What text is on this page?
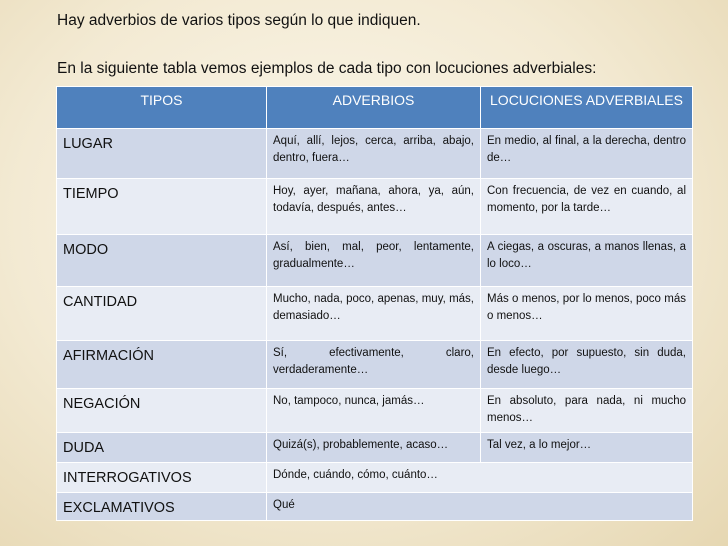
Hay adverbios de varios tipos según lo que indiquen.
En la siguiente tabla vemos ejemplos de cada tipo con locuciones adverbiales:
TIPOS	ADVERBIOS	LOCUCIONES ADVERBIALES
LUGAR	Aquí, allí, lejos, cerca, arriba, abajo, dentro, fuera…	En medio, al final, a la derecha, dentro de…
TIEMPO	Hoy, ayer, mañana, ahora, ya, aún, todavía, después, antes…	Con frecuencia, de vez en cuando, al momento, por la tarde…
MODO	Así, bien, mal, peor, lentamente, gradualmente…	A ciegas, a oscuras, a manos llenas, a lo loco…
CANTIDAD	Mucho, nada, poco, apenas, muy, más, demasiado…	Más o menos, por lo menos, poco más o menos…
AFIRMACIÓN	Sí, efectivamente, claro, verdaderamente…	En efecto, por supuesto, sin duda, desde luego…
NEGACIÓN	No, tampoco, nunca, jamás…	En absoluto, para nada, ni mucho menos…
DUDA	Quizá(s), probablemente, acaso…	Tal vez, a lo mejor…
INTERROGATIVOS	Dónde, cuándo, cómo, cuánto…	
EXCLAMATIVOS	Qué	
